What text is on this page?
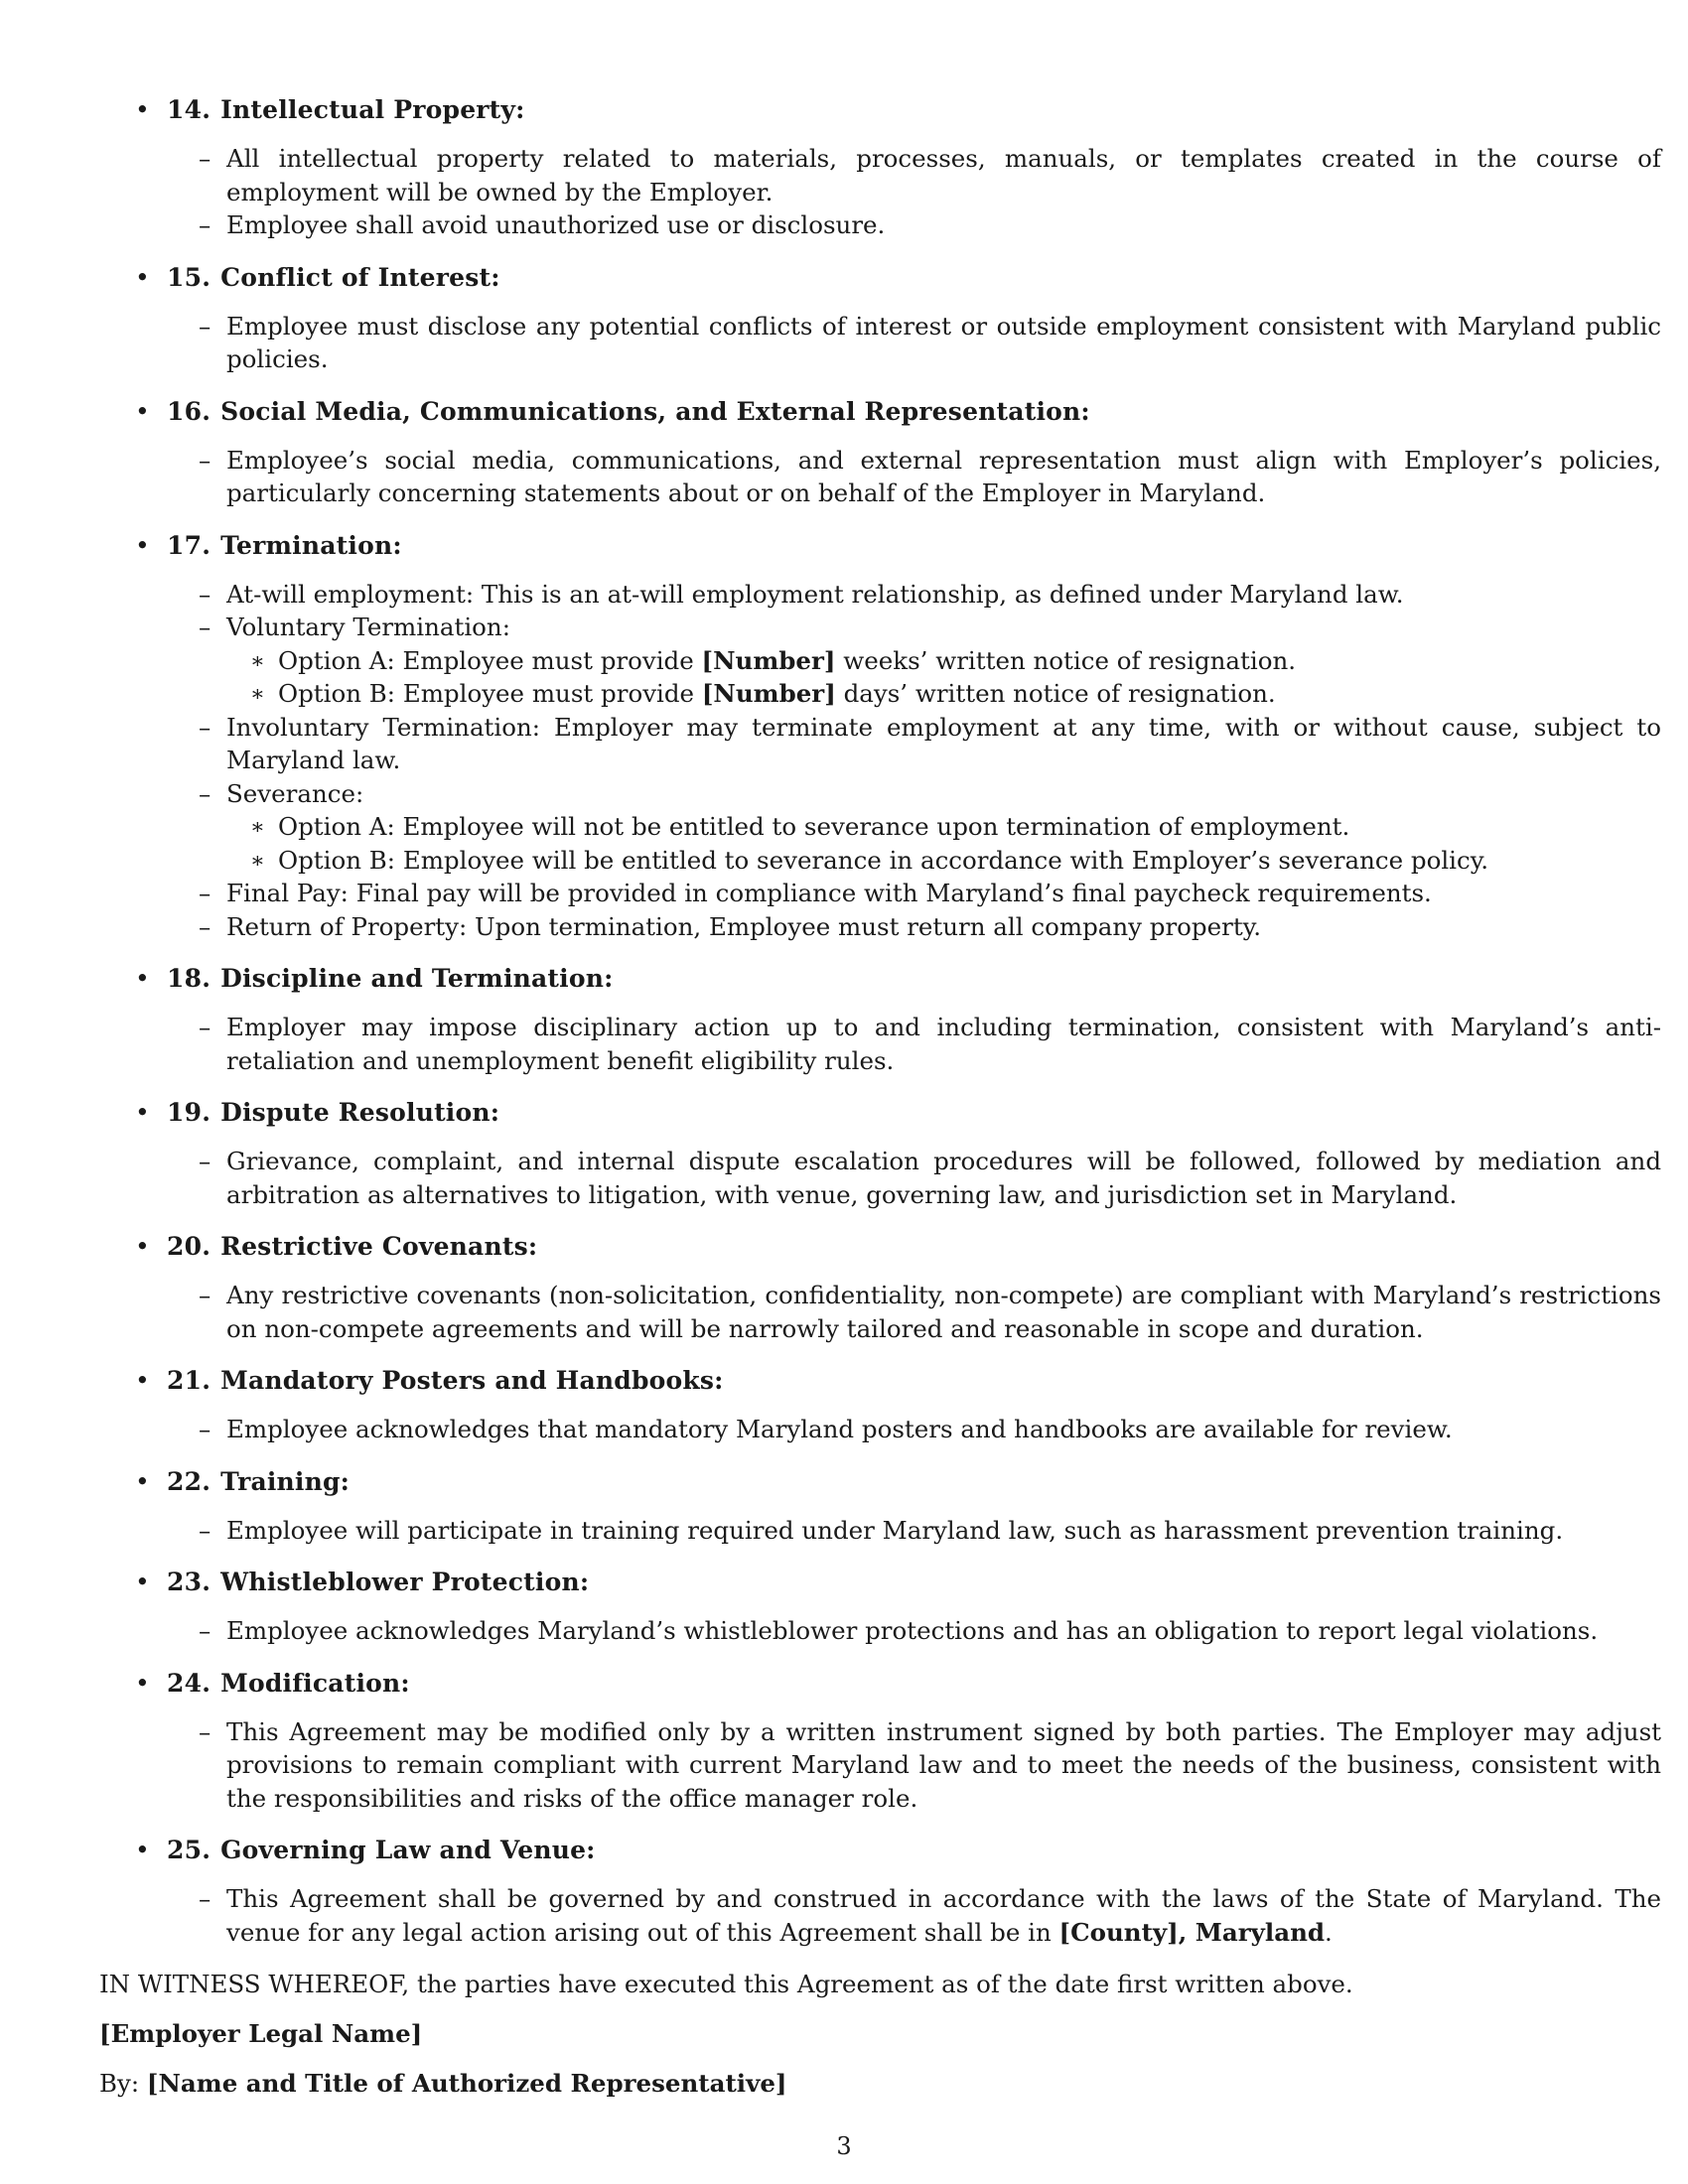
• 14. Intellectual Property:
– All intellectual property related to materials, processes, manuals, or templates created in the course of employment will be owned by the Employer.
– Employee shall avoid unauthorized use or disclosure.
• 15. Conflict of Interest:
– Employee must disclose any potential conflicts of interest or outside employment consistent with Maryland public policies.
• 16. Social Media, Communications, and External Representation:
– Employee’s social media, communications, and external representation must align with Employer’s policies, particularly concerning statements about or on behalf of the Employer in Maryland.
• 17. Termination:
– At-will employment: This is an at-will employment relationship, as defined under Maryland law.
– Voluntary Termination:
∗ Option A: Employee must provide [Number] weeks’ written notice of resignation.
∗ Option B: Employee must provide [Number] days’ written notice of resignation.
– Involuntary Termination: Employer may terminate employment at any time, with or without cause, subject to Maryland law.
– Severance:
∗ Option A: Employee will not be entitled to severance upon termination of employment.
∗ Option B: Employee will be entitled to severance in accordance with Employer’s severance policy.
– Final Pay: Final pay will be provided in compliance with Maryland’s final paycheck requirements.
– Return of Property: Upon termination, Employee must return all company property.
• 18. Discipline and Termination:
– Employer may impose disciplinary action up to and including termination, consistent with Maryland’s anti-retaliation and unemployment benefit eligibility rules.
• 19. Dispute Resolution:
– Grievance, complaint, and internal dispute escalation procedures will be followed, followed by mediation and arbitration as alternatives to litigation, with venue, governing law, and jurisdiction set in Maryland.
• 20. Restrictive Covenants:
– Any restrictive covenants (non-solicitation, confidentiality, non-compete) are compliant with Maryland’s restrictions on non-compete agreements and will be narrowly tailored and reasonable in scope and duration.
• 21. Mandatory Posters and Handbooks:
– Employee acknowledges that mandatory Maryland posters and handbooks are available for review.
• 22. Training:
– Employee will participate in training required under Maryland law, such as harassment prevention training.
• 23. Whistleblower Protection:
– Employee acknowledges Maryland’s whistleblower protections and has an obligation to report legal violations.
• 24. Modification:
– This Agreement may be modified only by a written instrument signed by both parties. The Employer may adjust provisions to remain compliant with current Maryland law and to meet the needs of the business, consistent with the responsibilities and risks of the office manager role.
• 25. Governing Law and Venue:
– This Agreement shall be governed by and construed in accordance with the laws of the State of Maryland. The venue for any legal action arising out of this Agreement shall be in [County], Maryland.

IN WITNESS WHEREOF, the parties have executed this Agreement as of the date first written above.

[Employer Legal Name]

By: [Name and Title of Authorized Representative]

3
